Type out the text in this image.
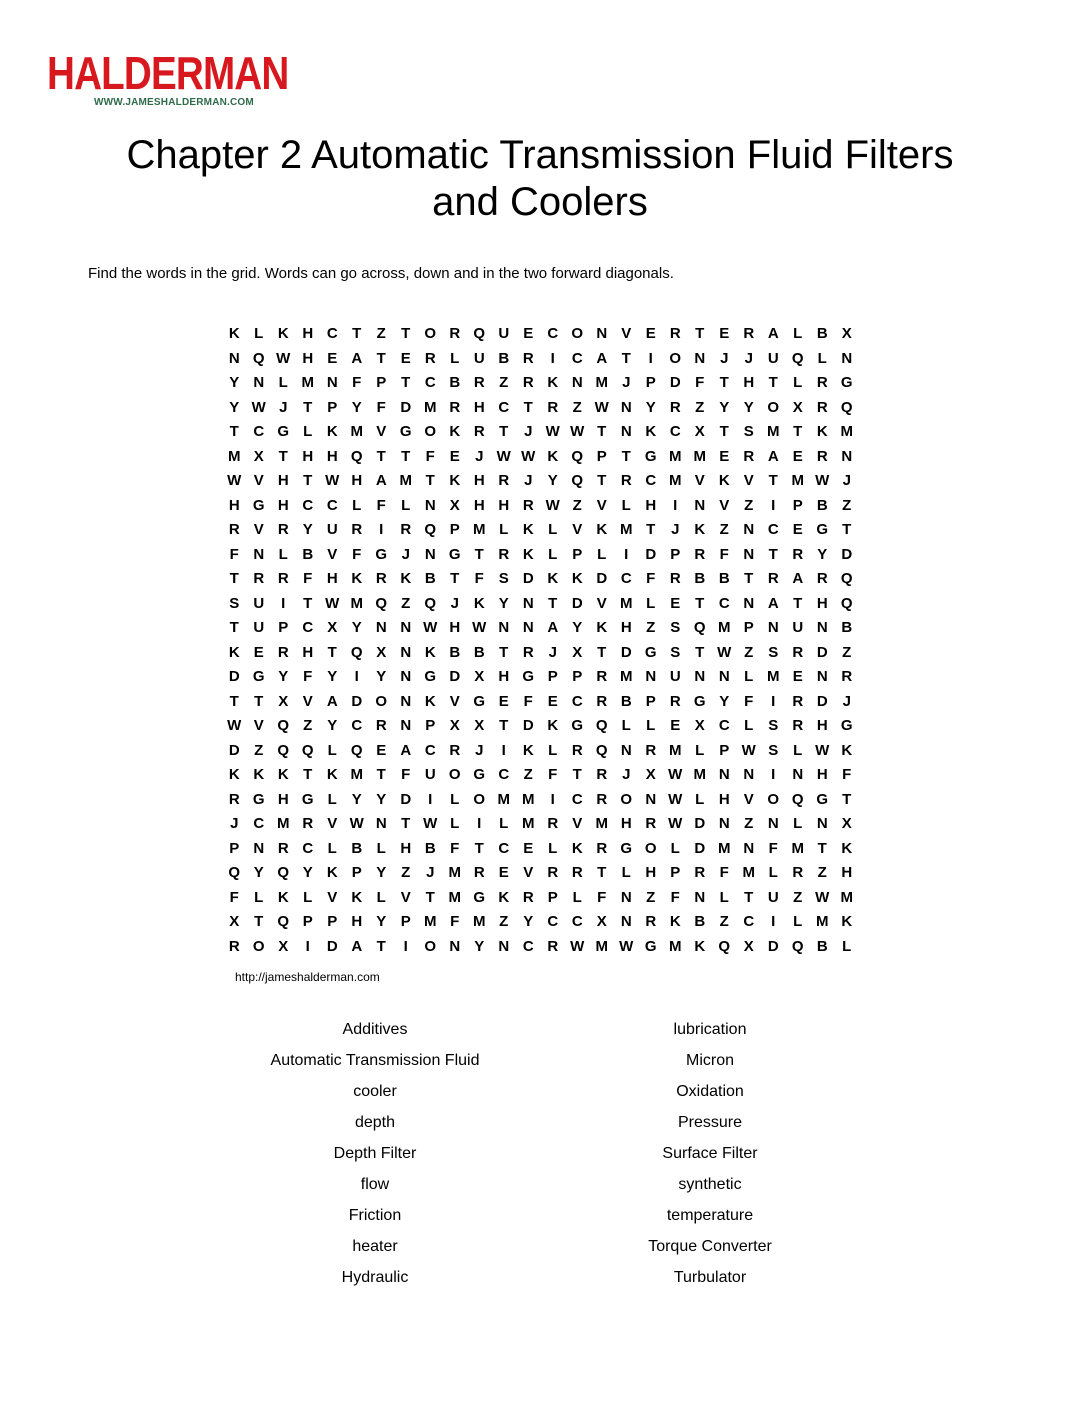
HALDERMAN
WWW.JAMESHALDERMAN.COM
Chapter 2 Automatic Transmission Fluid Filters
and Coolers
Find the words in the grid. Words can go across, down and in the two forward diagonals.
K L K H C T	Z	T O R Q U E C O N V E R T E R A L B X
N Q W H E A T E R L U B R	I	C A T	I	O N J	J U Q L N
Y N L M N F P T C B R Z R K N M J	P D F	T H T	L R G
Y W J	T P Y F D M R H C T R Z W N Y R Z Y Y O X R Q
T C G L K M V G O K R T	J W W T N K C X T S M T K M
M X T H H Q T	T	F E	J W W K Q P T G M M E R A E R N
W V H T W H A M T K H R J	Y Q T R C M V K V T M W J
H G H C C L	F	L N X H H R W Z V L H	I	N V Z	I	P B Z
R V R Y U R	I	R Q P M L K L V K M T	J K Z N C E G T
F N L B V F G J N G T R K L P L	I	D P R F N T R Y D
T R R F H K R K B T	F S D K K D C F R B B T R A R Q
S U	I	T W M Q Z Q J K Y N T D V M L E T C N A T H Q
T U P C X Y N N W H W N N A Y K H Z S Q M P N U N B
K E R H T Q X N K B B T R J	X T D G S T W Z S R D Z
D G Y F Y	I	Y N G D X H G P P R M N U N N L M E N R
T	T X V A D O N K V G E F E C R B P R G Y F	I	R D J
W V Q Z Y C R N P X X T D K G Q L	L E X C L S R H G
D Z Q Q L Q E A C R J	I	K L R Q N R M L P W S L W K
K K K T K M T	F U O G C Z	F	T R J	X W M N N	I	N H F
R G H G L Y Y D	I	L O M M	I	C R O N W L H V O Q G T
J C M R V W N T W L	I	L M R V M H R W D N Z N L N X
P N R C L B L H B F	T C E L K R G O L D M N F M T K
Q Y Q Y K P Y Z	J M R E V R R T	L H P R F M L R Z H
F	L K L V K L V T M G K R P L	F N Z	F N L	T U Z W M
X T Q P P H Y P M F M Z Y C C X N R K B Z C	I	L M K
R O X	I	D A T	I	O N Y N C R W M W G M K Q X D Q B L
http://jameshalderman.com
Additives
Automatic Transmission Fluid
cooler
depth
Depth Filter
flow
Friction
heater
Hydraulic
lubrication
Micron
Oxidation
Pressure
Surface Filter
synthetic
temperature
Torque Converter
Turbulator
